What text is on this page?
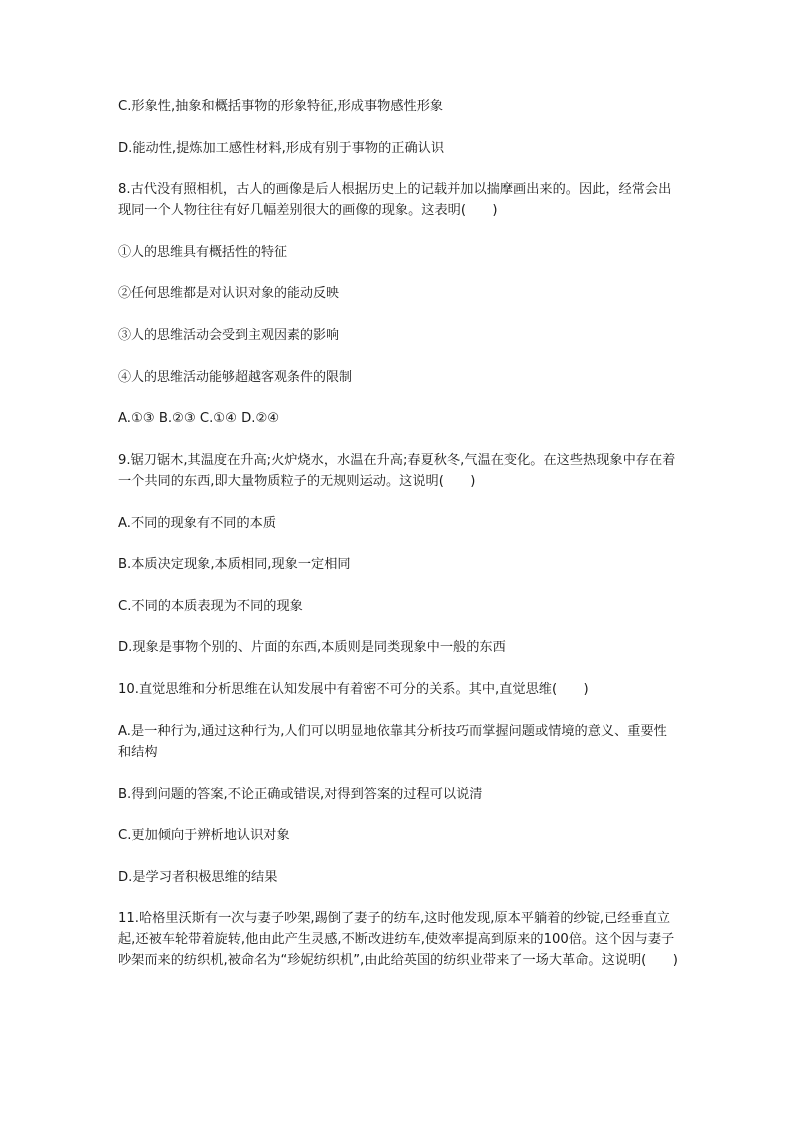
C.形象性,抽象和概括事物的形象特征,形成事物感性形象
D.能动性,提炼加工感性材料,形成有别于事物的正确认识
8.古代没有照相机，古人的画像是后人根据历史上的记载并加以揣摩画出来的。因此，经常会出现同一个人物往往有好几幅差别很大的画像的现象。这表明(　　)
①人的思维具有概括性的特征
②任何思维都是对认识对象的能动反映
③人的思维活动会受到主观因素的影响
④人的思维活动能够超越客观条件的限制
A.①③ B.②③ C.①④ D.②④
9.锯刀锯木,其温度在升高;火炉烧水，水温在升高;春夏秋冬,气温在变化。在这些热现象中存在着一个共同的东西,即大量物质粒子的无规则运动。这说明(　　)
A.不同的现象有不同的本质
B.本质决定现象,本质相同,现象一定相同
C.不同的本质表现为不同的现象
D.现象是事物个别的、片面的东西,本质则是同类现象中一般的东西
10.直觉思维和分析思维在认知发展中有着密不可分的关系。其中,直觉思维(　　)
A.是一种行为,通过这种行为,人们可以明显地依靠其分析技巧而掌握问题或情境的意义、重要性和结构
B.得到问题的答案,不论正确或错误,对得到答案的过程可以说清
C.更加倾向于辨析地认识对象
D.是学习者积极思维的结果
11.哈格里沃斯有一次与妻子吵架,踢倒了妻子的纺车,这时他发现,原本平躺着的纱锭,已经垂直立起,还被车轮带着旋转,他由此产生灵感,不断改进纺车,使效率提高到原来的100倍。这个因与妻子吵架而来的纺织机,被命名为“珍妮纺织机”,由此给英国的纺织业带来了一场大革命。这说明(　　)
